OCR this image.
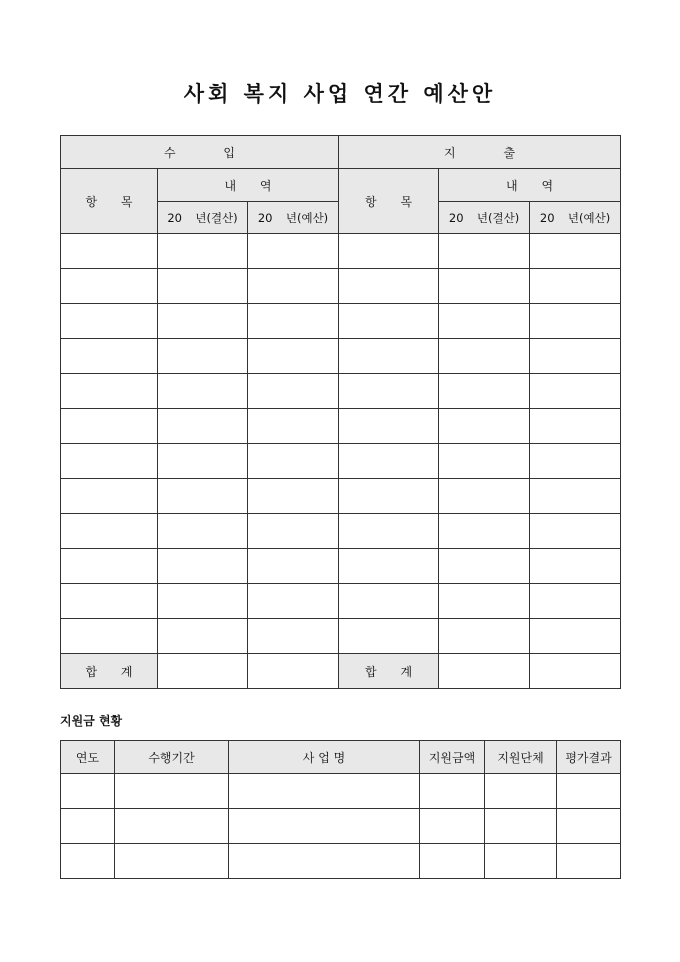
사회 복지 사업 연간 예산안
수 입			지 출		
항 목	내 역		항 목	내 역	
	20 년(결산)	20 년(예산)		20 년(결산)	20 년(예산)

합 계			합 계		
지원금 현황
연도	수행기간	사 업 명	지원금액	지원단체	평가결과
